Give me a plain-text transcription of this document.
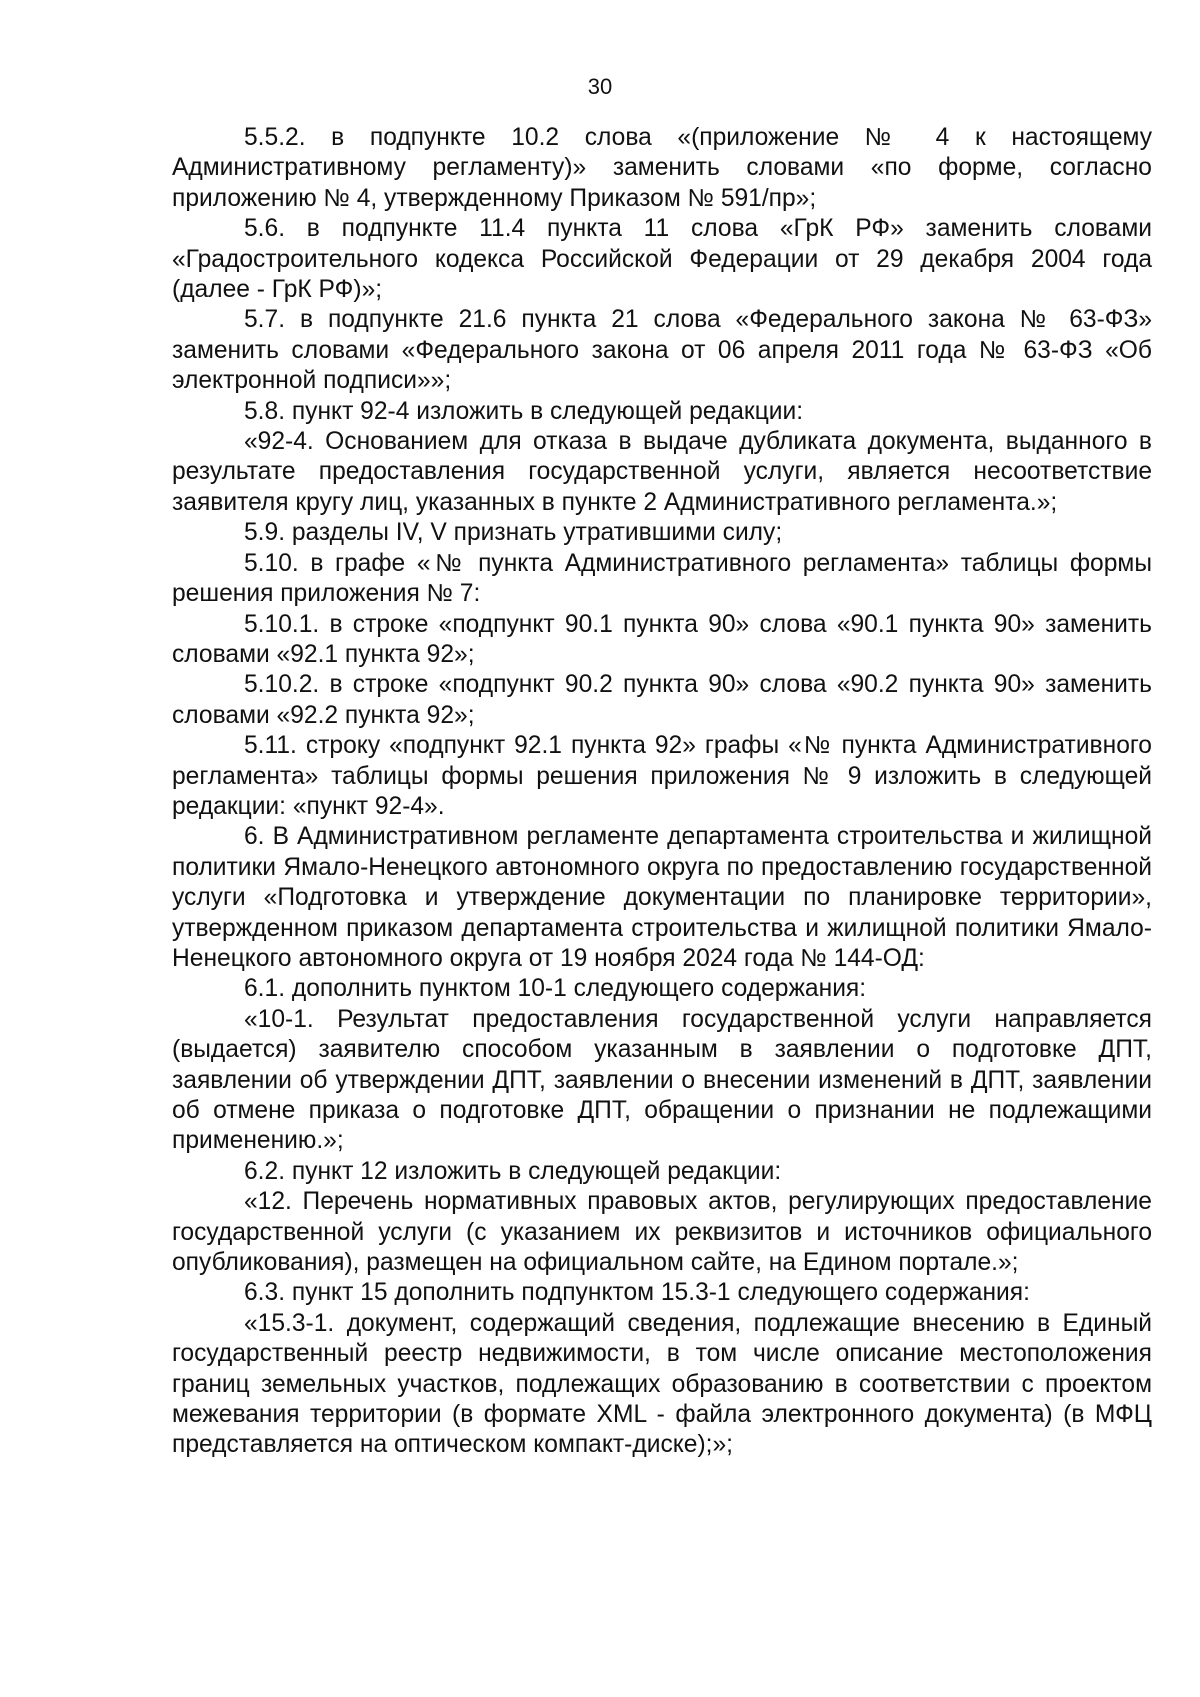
30

5.5.2. в подпункте 10.2 слова «(приложение № 4 к настоящему Административному регламенту)» заменить словами «по форме, согласно приложению № 4, утвержденному Приказом № 591/пр»;

5.6. в подпункте 11.4 пункта 11 слова «ГрК РФ» заменить словами «Градостроительного кодекса Российской Федерации от 29 декабря 2004 года (далее - ГрК РФ)»;

5.7. в подпункте 21.6 пункта 21 слова «Федерального закона № 63-ФЗ» заменить словами «Федерального закона от 06 апреля 2011 года № 63-ФЗ «Об электронной подписи»»;

5.8. пункт 92-4 изложить в следующей редакции:

«92-4. Основанием для отказа в выдаче дубликата документа, выданного в результате предоставления государственной услуги, является несоответствие заявителя кругу лиц, указанных в пункте 2 Административного регламента.»;

5.9. разделы IV, V признать утратившими силу;

5.10. в графе «№ пункта Административного регламента» таблицы формы решения приложения № 7:

5.10.1. в строке «подпункт 90.1 пункта 90» слова «90.1 пункта 90» заменить словами «92.1 пункта 92»;

5.10.2. в строке «подпункт 90.2 пункта 90» слова «90.2 пункта 90» заменить словами «92.2 пункта 92»;

5.11. строку «подпункт 92.1 пункта 92» графы «№ пункта Административного регламента» таблицы формы решения приложения № 9 изложить в следующей редакции: «пункт 92-4».

6. В Административном регламенте департамента строительства и жилищной политики Ямало-Ненецкого автономного округа по предоставлению государственной услуги «Подготовка и утверждение документации по планировке территории», утвержденном приказом департамента строительства и жилищной политики Ямало-Ненецкого автономного округа от 19 ноября 2024 года № 144-ОД:

6.1. дополнить пунктом 10-1 следующего содержания:

«10-1. Результат предоставления государственной услуги направляется (выдается) заявителю способом указанным в заявлении о подготовке ДПТ, заявлении об утверждении ДПТ, заявлении о внесении изменений в ДПТ, заявлении об отмене приказа о подготовке ДПТ, обращении о признании не подлежащими применению.»;

6.2. пункт 12 изложить в следующей редакции:

«12. Перечень нормативных правовых актов, регулирующих предоставление государственной услуги (с указанием их реквизитов и источников официального опубликования), размещен на официальном сайте, на Едином портале.»;

6.3. пункт 15 дополнить подпунктом 15.3-1 следующего содержания:

«15.3-1. документ, содержащий сведения, подлежащие внесению в Единый государственный реестр недвижимости, в том числе описание местоположения границ земельных участков, подлежащих образованию в соответствии с проектом межевания территории (в формате XML - файла электронного документа) (в МФЦ представляется на оптическом компакт-диске);»;
